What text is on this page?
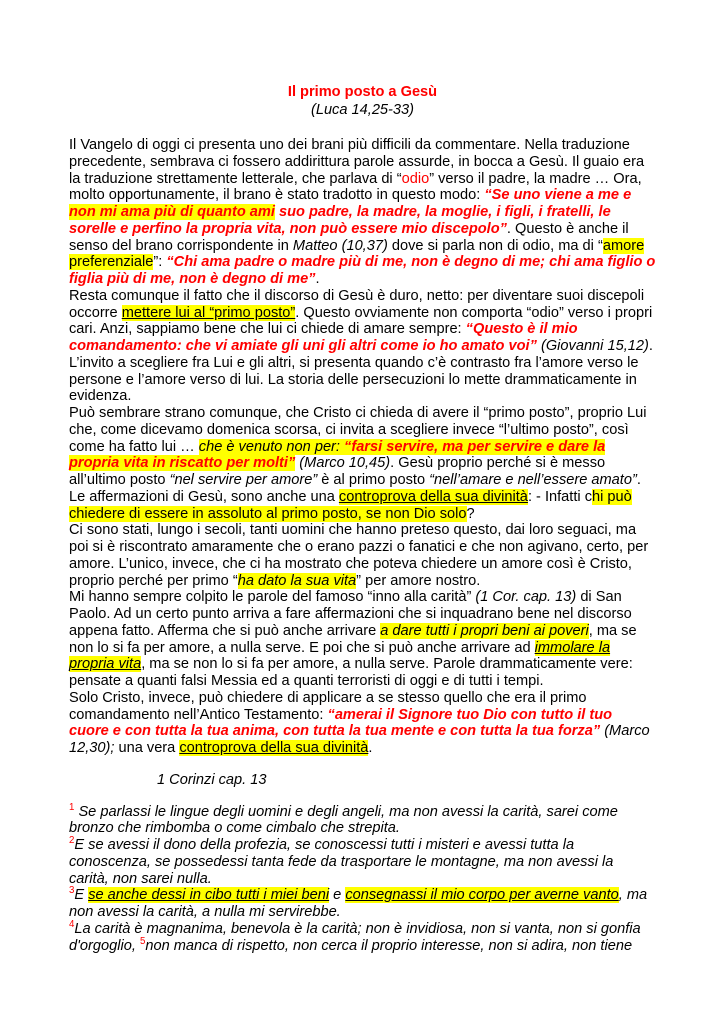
Il primo posto a Gesù
(Luca 14,25-33)
Il Vangelo di oggi ci presenta uno dei brani più difficili da commentare. Nella traduzione
precedente, sembrava ci fossero addirittura parole assurde, in bocca a Gesù. Il guaio era
la traduzione strettamente letterale, che parlava di “odio” verso il padre, la madre … Ora,
molto opportunamente, il brano è stato tradotto in questo modo: “Se uno viene a me e
non mi ama più di quanto ami suo padre, la madre, la moglie, i figli, i fratelli, le
sorelle e perfino la propria vita, non può essere mio discepolo”. Questo è anche il
senso del brano corrispondente in Matteo (10,37) dove si parla non di odio, ma di “amore
preferenziale”: “Chi ama padre o madre più di me, non è degno di me; chi ama figlio o
figlia più di me, non è degno di me”.
Resta comunque il fatto che il discorso di Gesù è duro, netto: per diventare suoi discepoli
occorre mettere lui al “primo posto”. Questo ovviamente non comporta “odio” verso i propri
cari. Anzi, sappiamo bene che lui ci chiede di amare sempre: “Questo è il mio
comandamento: che vi amiate gli uni gli altri come io ho amato voi” (Giovanni 15,12).
L’invito a scegliere fra Lui e gli altri, si presenta quando c’è contrasto fra l’amore verso le
persone e l’amore verso di lui. La storia delle persecuzioni lo mette drammaticamente in
evidenza.
Può sembrare strano comunque, che Cristo ci chieda di avere il “primo posto”, proprio Lui
che, come dicevamo domenica scorsa, ci invita a scegliere invece “l’ultimo posto”, così
come ha fatto lui … che è venuto non per: “farsi servire, ma per servire e dare la
propria vita in riscatto per molti” (Marco 10,45). Gesù proprio perché si è messo
all’ultimo posto “nel servire per amore” è al primo posto “nell’amare e nell’essere amato”.
Le affermazioni di Gesù, sono anche una controprova della sua divinità: - Infatti chi può
chiedere di essere in assoluto al primo posto, se non Dio solo?
Ci sono stati, lungo i secoli, tanti uomini che hanno preteso questo, dai loro seguaci, ma
poi si è riscontrato amaramente che o erano pazzi o fanatici e che non agivano, certo, per
amore. L’unico, invece, che ci ha mostrato che poteva chiedere un amore così è Cristo,
proprio perché per primo “ha dato la sua vita” per amore nostro.
Mi hanno sempre colpito le parole del famoso “inno alla carità” (1 Cor. cap. 13) di San
Paolo. Ad un certo punto arriva a fare affermazioni che si inquadrano bene nel discorso
appena fatto. Afferma che si può anche arrivare a dare tutti i propri beni ai poveri, ma se
non lo si fa per amore, a nulla serve. E poi che si può anche arrivare ad immolare la
propria vita, ma se non lo si fa per amore, a nulla serve. Parole drammaticamente vere:
pensate a quanti falsi Messia ed a quanti terroristi di oggi e di tutti i tempi.
Solo Cristo, invece, può chiedere di applicare a se stesso quello che era il primo
comandamento nell’Antico Testamento: “amerai il Signore tuo Dio con tutto il tuo
cuore e con tutta la tua anima, con tutta la tua mente e con tutta la tua forza” (Marco
12,30); una vera controprova della sua divinità.
1 Corinzi cap. 13
$^1$ Se parlassi le lingue degli uomini e degli angeli, ma non avessi la carità, sarei come
bronzo che rimbomba o come cimbalo che strepita.
$^2$E se avessi il dono della profezia, se conoscessi tutti i misteri e avessi tutta la
conoscenza, se possedessi tanta fede da trasportare le montagne, ma non avessi la
carità, non sarei nulla.
$^3$E se anche dessi in cibo tutti i miei beni e consegnassi il mio corpo per averne vanto, ma
non avessi la carità, a nulla mi servirebbe.
$^4$La carità è magnanima, benevola è la carità; non è invidiosa, non si vanta, non si gonfia
d'orgoglio, $^5$non manca di rispetto, non cerca il proprio interesse, non si adira, non tiene
